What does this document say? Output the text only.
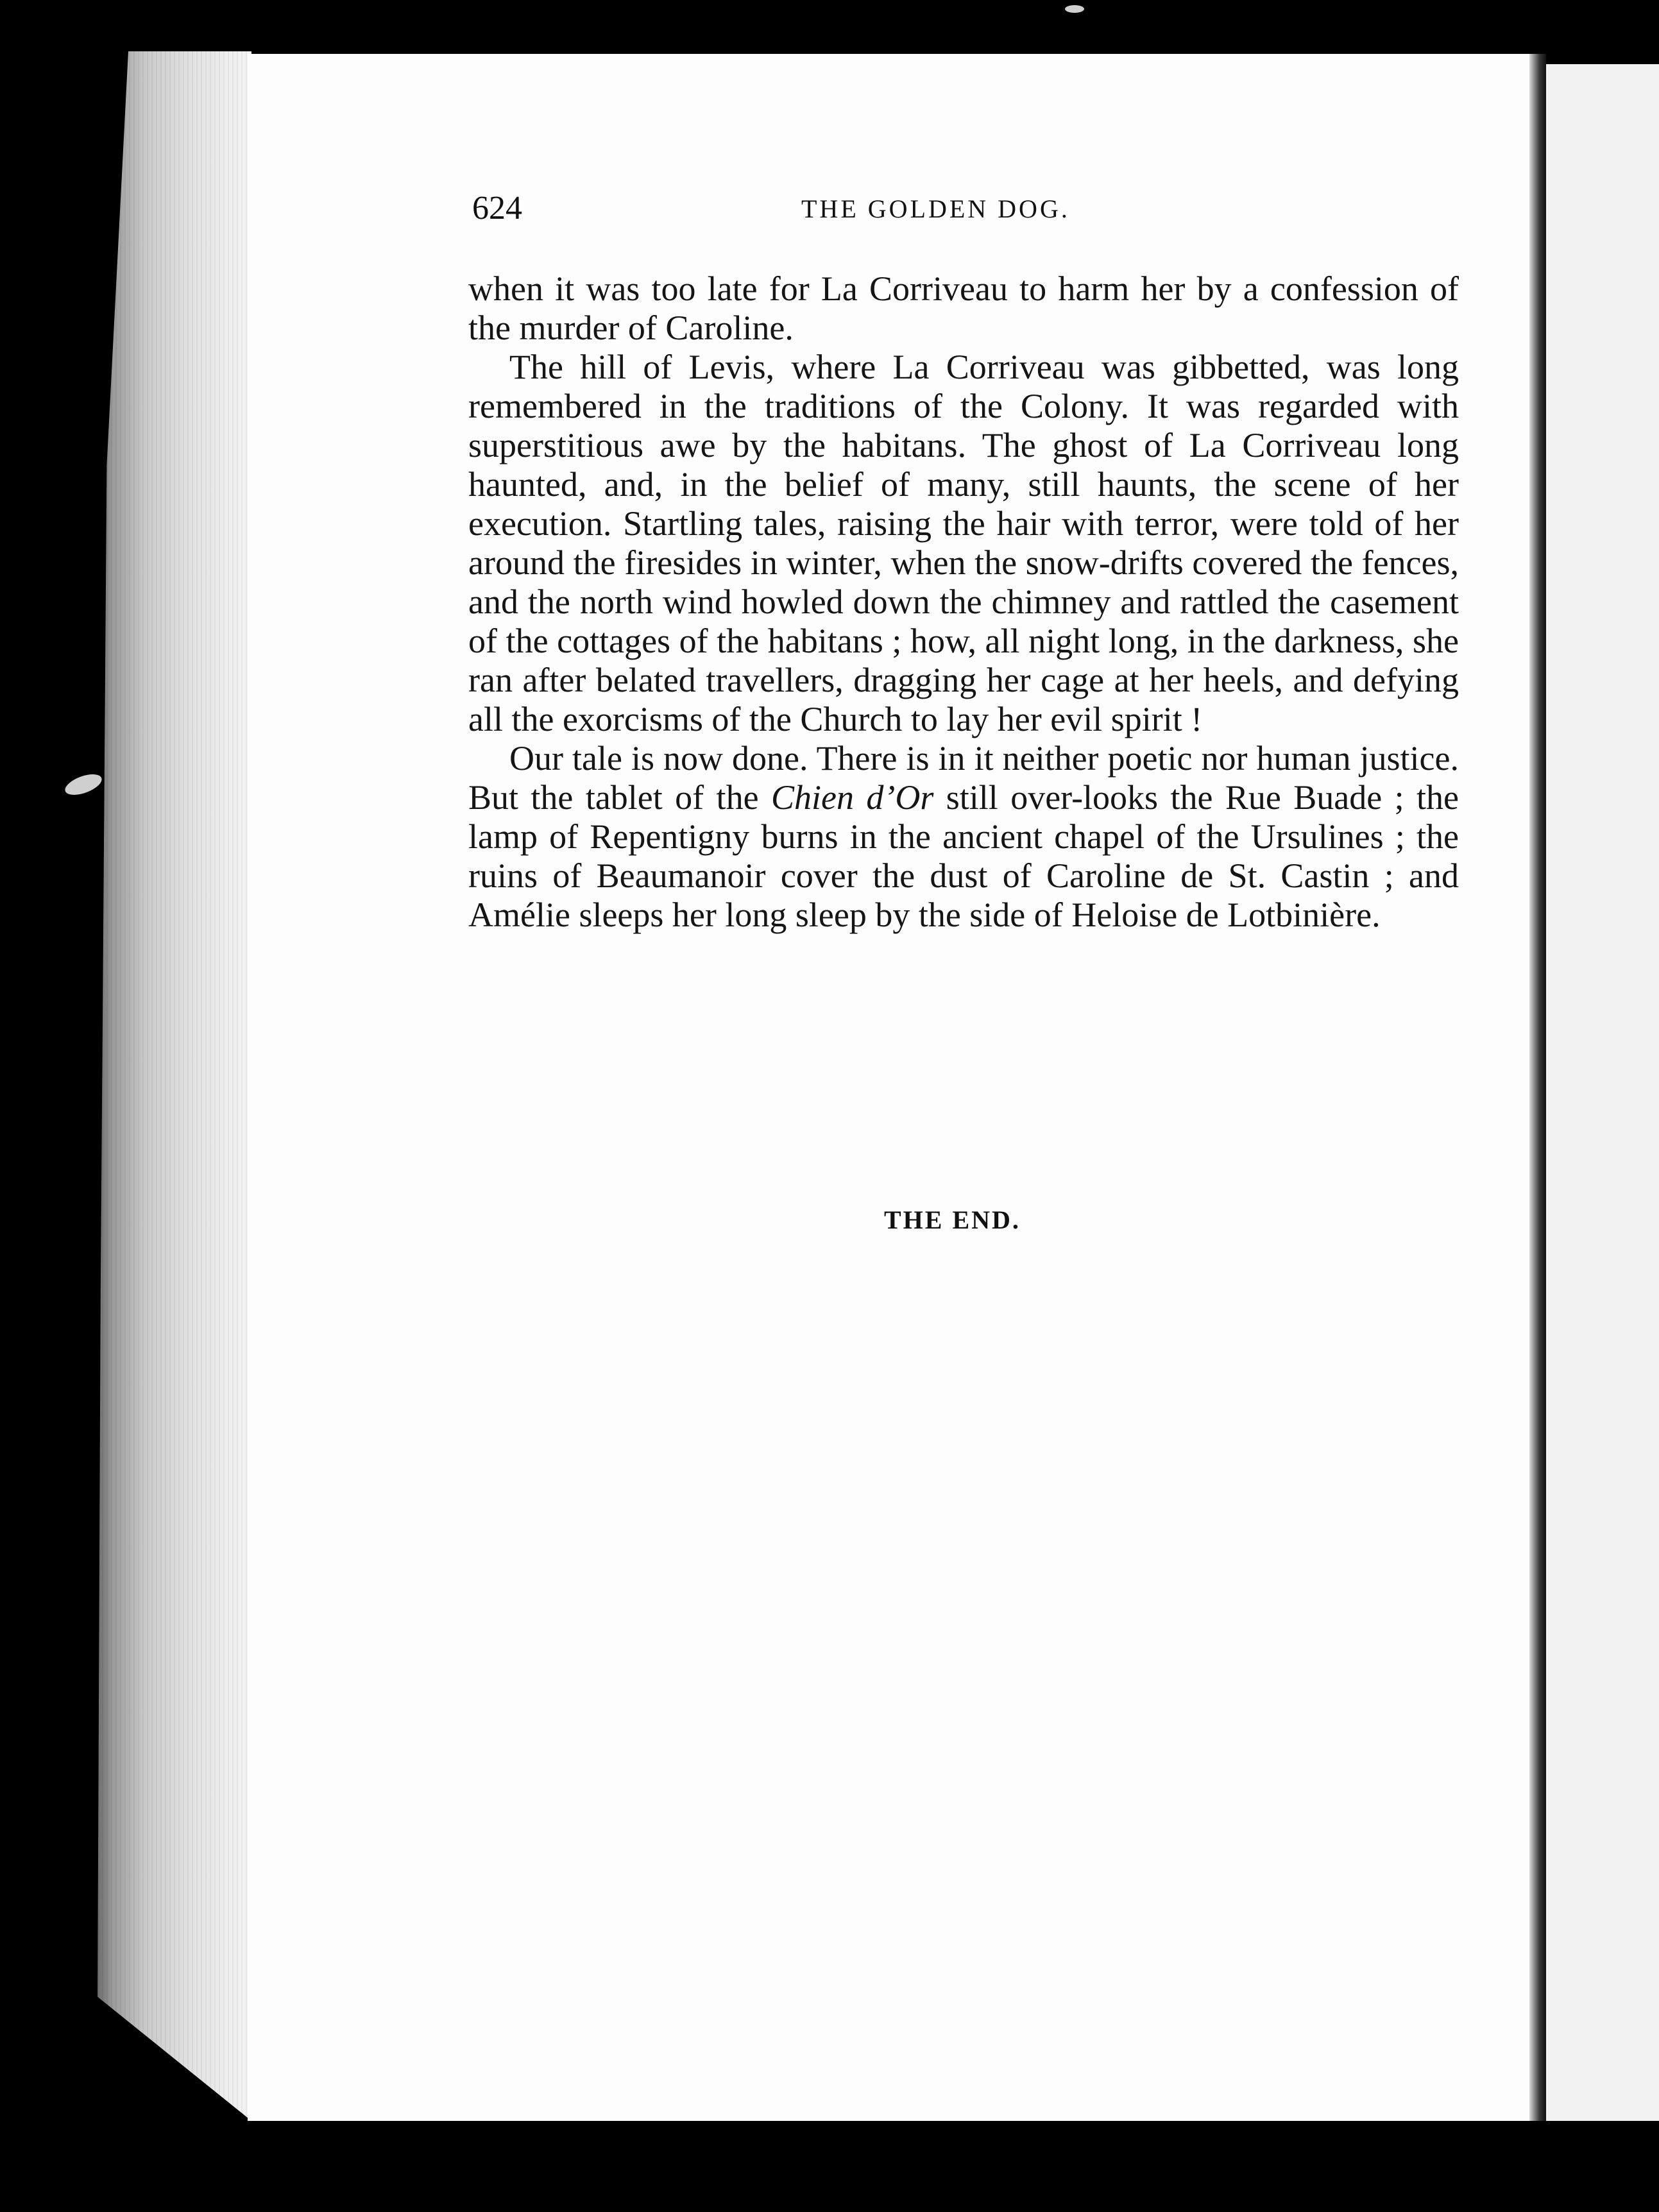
624	THE GOLDEN DOG.

when it was too late for La Corriveau to harm her by a confession of the murder of Caroline.

The hill of Levis, where La Corriveau was gibbetted, was long remembered in the traditions of the Colony. It was regarded with superstitious awe by the habitans. The ghost of La Corriveau long haunted, and, in the belief of many, still haunts, the scene of her execution. Startling tales, raising the hair with terror, were told of her around the firesides in winter, when the snow-drifts covered the fences, and the north wind howled down the chimney and rattled the casement of the cottages of the habitans ; how, all night long, in the darkness, she ran after belated travellers, dragging her cage at her heels, and defying all the exorcisms of the Church to lay her evil spirit !

Our tale is now done. There is in it neither poetic nor human justice. But the tablet of the Chien d’Or still over-looks the Rue Buade ; the lamp of Repentigny burns in the ancient chapel of the Ursulines ; the ruins of Beaumanoir cover the dust of Caroline de St. Castin ; and Amélie sleeps her long sleep by the side of Heloise de Lotbinière.

THE END.
